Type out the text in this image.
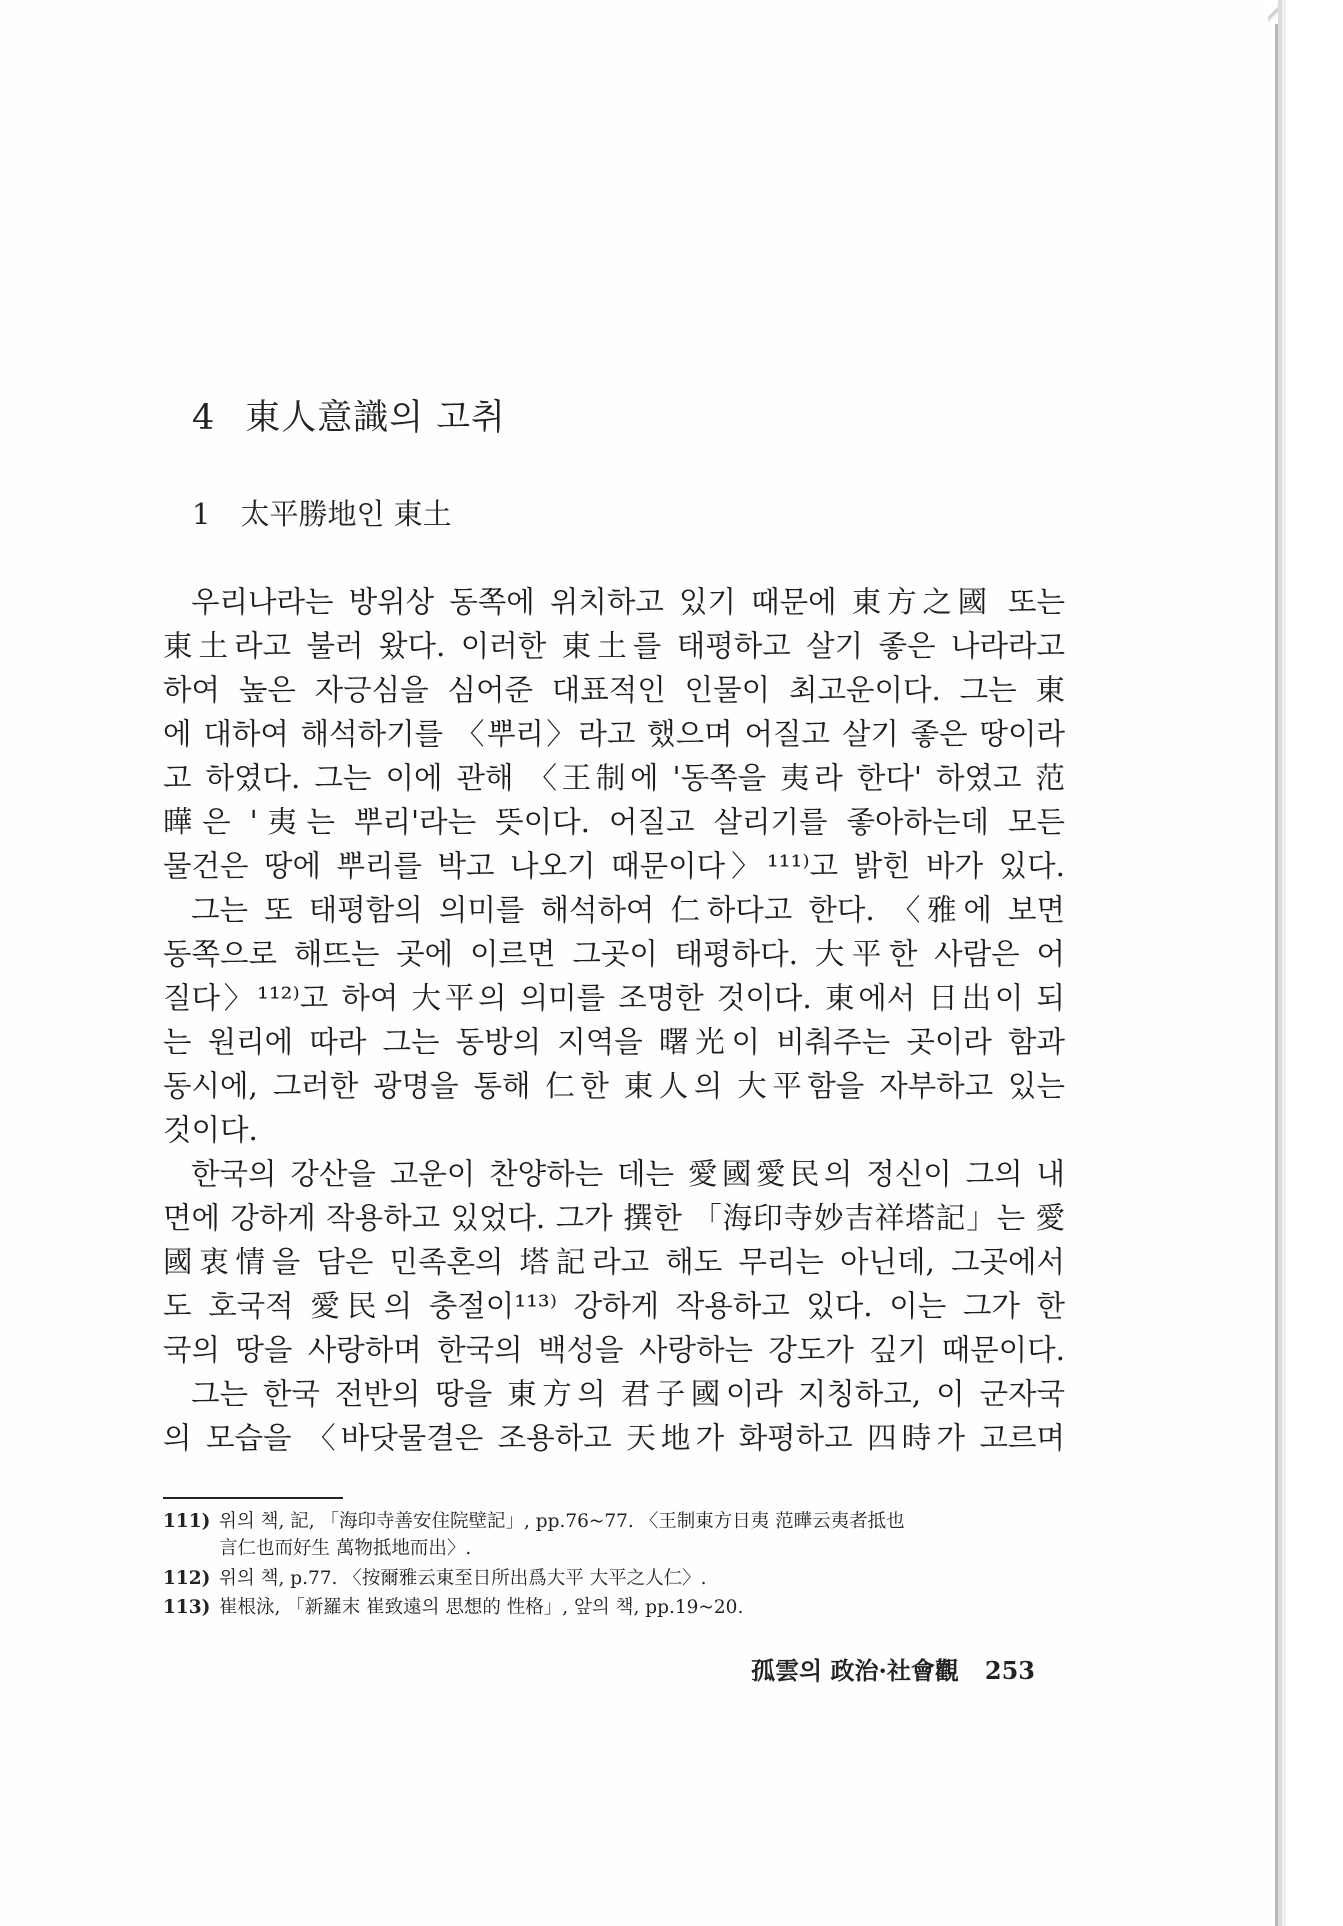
4 東人意識의 고취
1 太平勝地인 東土
우리나라는 방위상 동쪽에 위치하고 있기 때문에 東方之國 또는
東土라고 불러 왔다. 이러한 東土를 태평하고 살기 좋은 나라라고
하여 높은 자긍심을 심어준 대표적인 인물이 최고운이다. 그는 東
에 대하여 해석하기를 〈뿌리〉라고 했으며 어질고 살기 좋은 땅이라
고 하였다. 그는 이에 관해 〈王制에 '동쪽을 夷라 한다' 하였고 范
曄은 '夷는 뿌리'라는 뜻이다. 어질고 살리기를 좋아하는데 모든
물건은 땅에 뿌리를 박고 나오기 때문이다〉¹¹¹⁾고 밝힌 바가 있다.
그는 또 태평함의 의미를 해석하여 仁하다고 한다. 〈雅에 보면
동쪽으로 해뜨는 곳에 이르면 그곳이 태평하다. 大平한 사람은 어
질다〉¹¹²⁾고 하여 大平의 의미를 조명한 것이다. 東에서 日出이 되
는 원리에 따라 그는 동방의 지역을 曙光이 비춰주는 곳이라 함과
동시에, 그러한 광명을 통해 仁한 東人의 大平함을 자부하고 있는
것이다.
한국의 강산을 고운이 찬양하는 데는 愛國愛民의 정신이 그의 내
면에 강하게 작용하고 있었다. 그가 撰한 「海印寺妙吉祥塔記」는 愛
國衷情을 담은 민족혼의 塔記라고 해도 무리는 아닌데, 그곳에서
도 호국적 愛民의 충절이¹¹³⁾ 강하게 작용하고 있다. 이는 그가 한
국의 땅을 사랑하며 한국의 백성을 사랑하는 강도가 깊기 때문이다.
그는 한국 전반의 땅을 東方의 君子國이라 지칭하고, 이 군자국
의 모습을 〈바닷물결은 조용하고 天地가 화평하고 四時가 고르며
111) 위의 책, 記, 「海印寺善安住院壁記」, pp.76~77. 〈王制東方日夷 范曄云夷者抵也
言仁也而好生 萬物抵地而出〉.
112) 위의 책, p.77. 〈按爾雅云東至日所出爲大平 大平之人仁〉.
113) 崔根泳, 「新羅末 崔致遠의 思想的 性格」, 앞의 책, pp.19~20.
孤雲의 政治·社會觀 253
